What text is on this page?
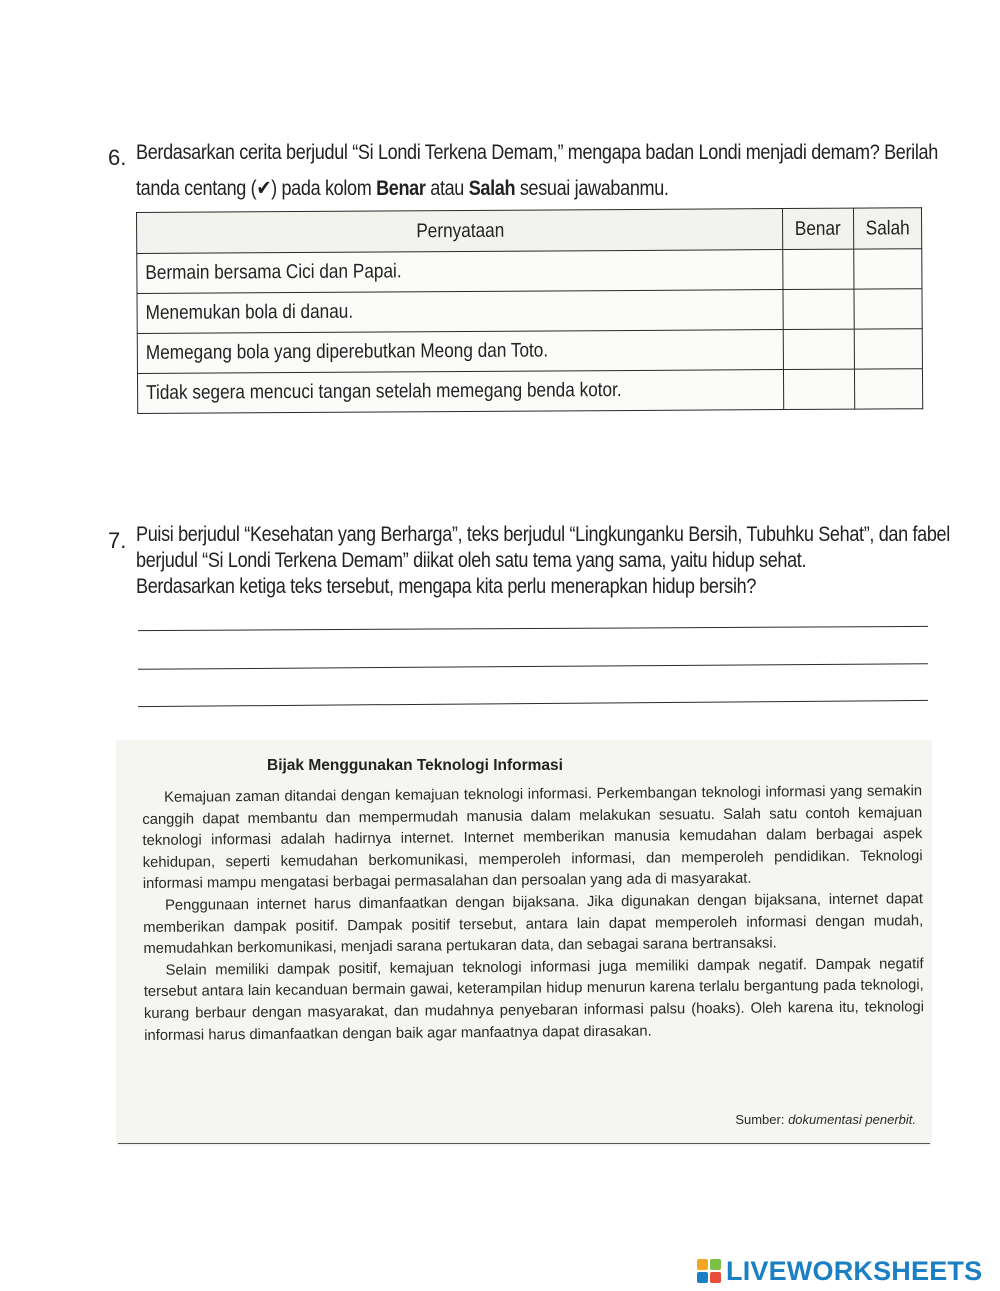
6. Berdasarkan cerita berjudul “Si Londi Terkena Demam,” mengapa badan Londi menjadi demam? Berilah
tanda centang (✔) pada kolom Benar atau Salah sesuai jawabanmu.
Pernyataan	Benar	Salah
Bermain bersama Cici dan Papai.		
Menemukan bola di danau.		
Memegang bola yang diperebutkan Meong dan Toto.		
Tidak segera mencuci tangan setelah memegang benda kotor.		
7. Puisi berjudul “Kesehatan yang Berharga”, teks berjudul “Lingkunganku Bersih, Tubuhku Sehat”, dan fabel
berjudul “Si Londi Terkena Demam” diikat oleh satu tema yang sama, yaitu hidup sehat.
Berdasarkan ketiga teks tersebut, mengapa kita perlu menerapkan hidup bersih?
Bijak Menggunakan Teknologi Informasi

Kemajuan zaman ditandai dengan kemajuan teknologi informasi. Perkembangan teknologi informasi yang semakin canggih dapat membantu dan mempermudah manusia dalam melakukan sesuatu. Salah satu contoh kemajuan teknologi informasi adalah hadirnya internet. Internet memberikan manusia kemudahan dalam berbagai aspek kehidupan, seperti kemudahan berkomunikasi, memperoleh informasi, dan memperoleh pendidikan. Teknologi informasi mampu mengatasi berbagai permasalahan dan persoalan yang ada di masyarakat.

Penggunaan internet harus dimanfaatkan dengan bijaksana. Jika digunakan dengan bijaksana, internet dapat memberikan dampak positif. Dampak positif tersebut, antara lain dapat memperoleh informasi dengan mudah, memudahkan berkomunikasi, menjadi sarana pertukaran data, dan sebagai sarana bertransaksi.

Selain memiliki dampak positif, kemajuan teknologi informasi juga memiliki dampak negatif. Dampak negatif tersebut antara lain kecanduan bermain gawai, keterampilan hidup menurun karena terlalu bergantung pada teknologi, kurang berbaur dengan masyarakat, dan mudahnya penyebaran informasi palsu (hoaks). Oleh karena itu, teknologi informasi harus dimanfaatkan dengan baik agar manfaatnya dapat dirasakan.

Sumber: dokumentasi penerbit.
LIVEWORKSHEETS
